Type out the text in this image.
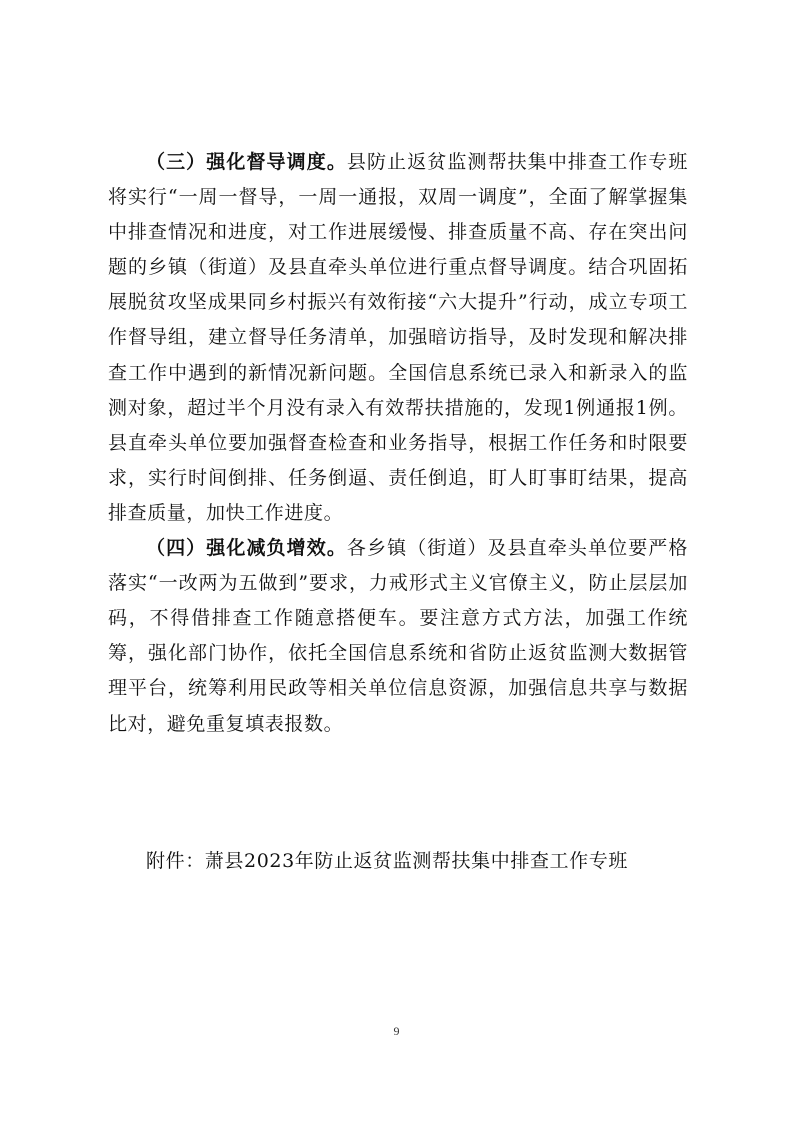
（三）强化督导调度。县防止返贫监测帮扶集中排查工作专班将实行“一周一督导，一周一通报，双周一调度”，全面了解掌握集中排查情况和进度，对工作进展缓慢、排查质量不高、存在突出问题的乡镇（街道）及县直牵头单位进行重点督导调度。结合巩固拓展脱贫攻坚成果同乡村振兴有效衔接“六大提升”行动，成立专项工作督导组，建立督导任务清单，加强暗访指导，及时发现和解决排查工作中遇到的新情况新问题。全国信息系统已录入和新录入的监测对象，超过半个月没有录入有效帮扶措施的，发现1例通报1例。县直牵头单位要加强督查检查和业务指导，根据工作任务和时限要求，实行时间倒排、任务倒逼、责任倒追，盯人盯事盯结果，提高排查质量，加快工作进度。

（四）强化减负增效。各乡镇（街道）及县直牵头单位要严格落实“一改两为五做到”要求，力戒形式主义官僚主义，防止层层加码，不得借排查工作随意搭便车。要注意方式方法，加强工作统筹，强化部门协作，依托全国信息系统和省防止返贫监测大数据管理平台，统筹利用民政等相关单位信息资源，加强信息共享与数据比对，避免重复填表报数。

附件：萧县2023年防止返贫监测帮扶集中排查工作专班

9
